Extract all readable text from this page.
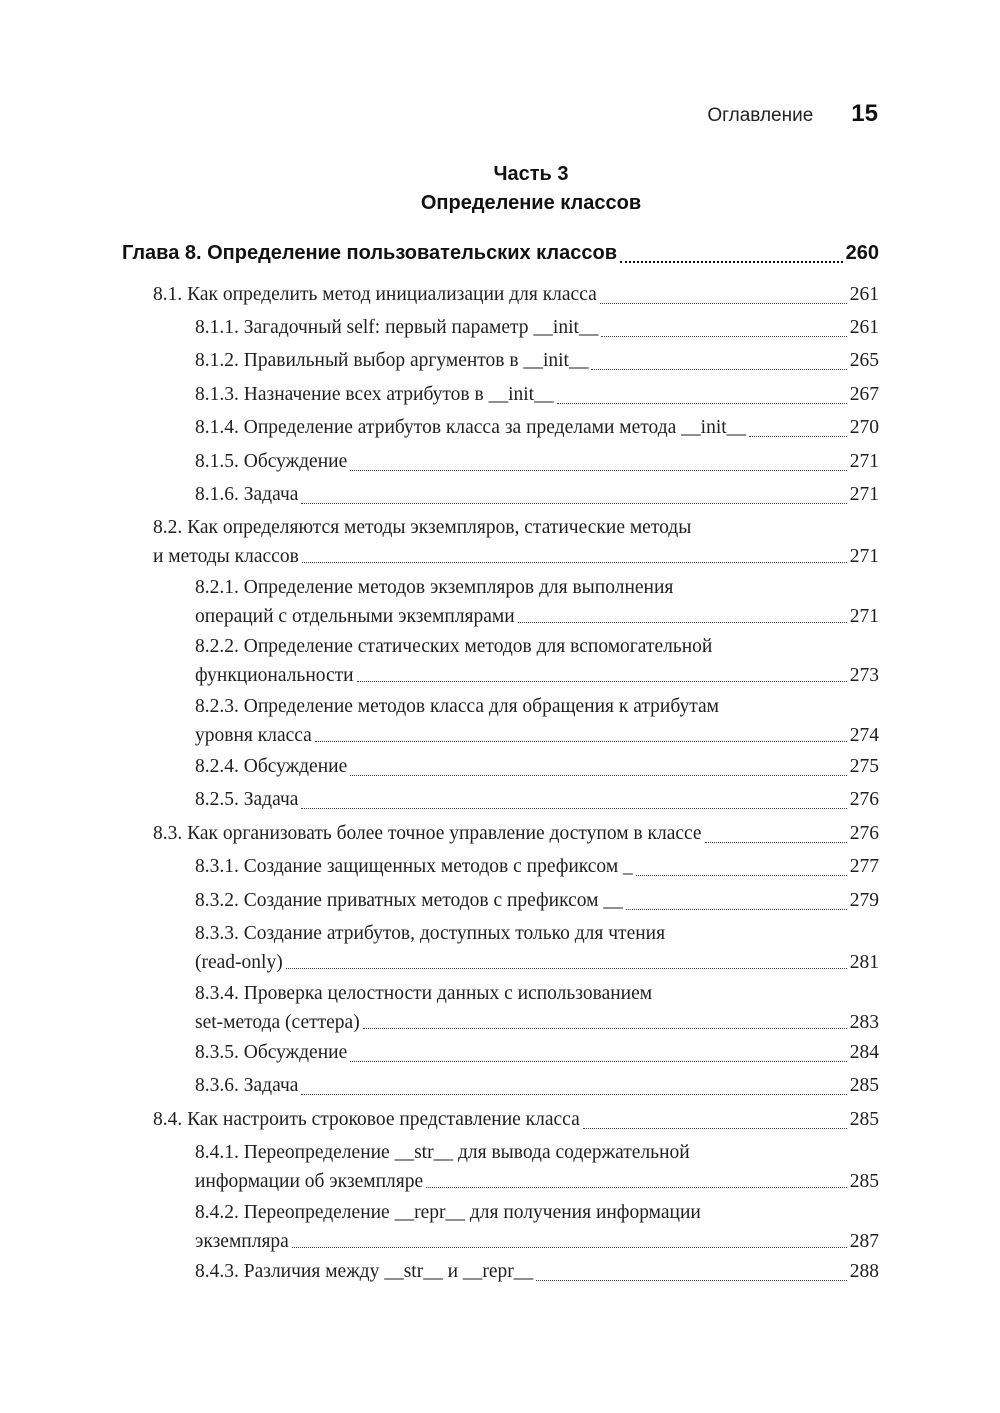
Оглавление 15
Часть 3
Определение классов
Глава 8. Определение пользовательских классов	260
8.1. Как определить метод инициализации для класса	261
8.1.1. Загадочный self: первый параметр __init__	261
8.1.2. Правильный выбор аргументов в __init__	265
8.1.3. Назначение всех атрибутов в __init__	267
8.1.4. Определение атрибутов класса за пределами метода __init__	270
8.1.5. Обсуждение	271
8.1.6. Задача	271
8.2. Как определяются методы экземпляров, статические методы
и методы классов	271
8.2.1. Определение методов экземпляров для выполнения
операций с отдельными экземплярами	271
8.2.2. Определение статических методов для вспомогательной
функциональности	273
8.2.3. Определение методов класса для обращения к атрибутам
уровня класса	274
8.2.4. Обсуждение	275
8.2.5. Задача	276
8.3. Как организовать более точное управление доступом в классе	276
8.3.1. Создание защищенных методов с префиксом _	277
8.3.2. Создание приватных методов с префиксом __	279
8.3.3. Создание атрибутов, доступных только для чтения
(read-only)	281
8.3.4. Проверка целостности данных с использованием
set-метода (сеттера)	283
8.3.5. Обсуждение	284
8.3.6. Задача	285
8.4. Как настроить строковое представление класса	285
8.4.1. Переопределение __str__ для вывода содержательной
информации об экземпляре	285
8.4.2. Переопределение __repr__ для получения информации
экземпляра	287
8.4.3. Различия между __str__ и __repr__	288
